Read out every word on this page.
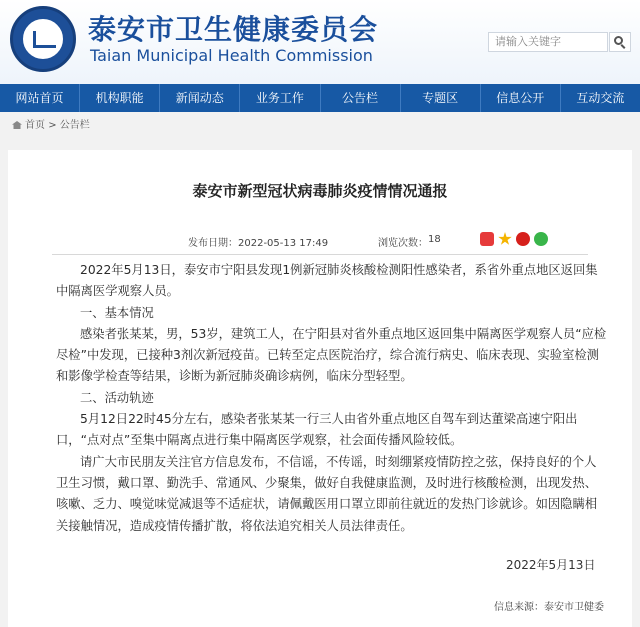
泰安市卫生健康委员会
Taian Municipal Health Commission
请输入关键字
网站首页	机构职能	新闻动态	业务工作	公告栏	专题区	信息公开	互动交流
首页 > 公告栏
泰安市新型冠状病毒肺炎疫情情况通报
发布日期：2022-05-13 17:49	浏览次数： 18

2022年5月13日，泰安市宁阳县发现1例新冠肺炎核酸检测阳性感染者，系省外重点地区返回集中隔离医学观察人员。

一、基本情况

感染者张某某，男，53岁，建筑工人，在宁阳县对省外重点地区返回集中隔离医学观察人员“应检尽检”中发现，已接种3剂次新冠疫苗。已转至定点医院治疗，综合流行病史、临床表现、实验室检测和影像学检查等结果，诊断为新冠肺炎确诊病例，临床分型轻型。

二、活动轨迹

5月12日22时45分左右，感染者张某某一行三人由省外重点地区自驾车到达董梁高速宁阳出口，“点对点”至集中隔离点进行集中隔离医学观察，社会面传播风险较低。

请广大市民朋友关注官方信息发布，不信谣，不传谣，时刻绷紧疫情防控之弦，保持良好的个人卫生习惯，戴口罩、勤洗手、常通风、少聚集，做好自我健康监测，及时进行核酸检测，出现发热、咳嗽、乏力、嗅觉味觉减退等不适症状，请佩戴医用口罩立即前往就近的发热门诊就诊。如因隐瞒相关接触情况，造成疫情传播扩散，将依法追究相关人员法律责任。

2022年5月13日
信息来源：泰安市卫健委
